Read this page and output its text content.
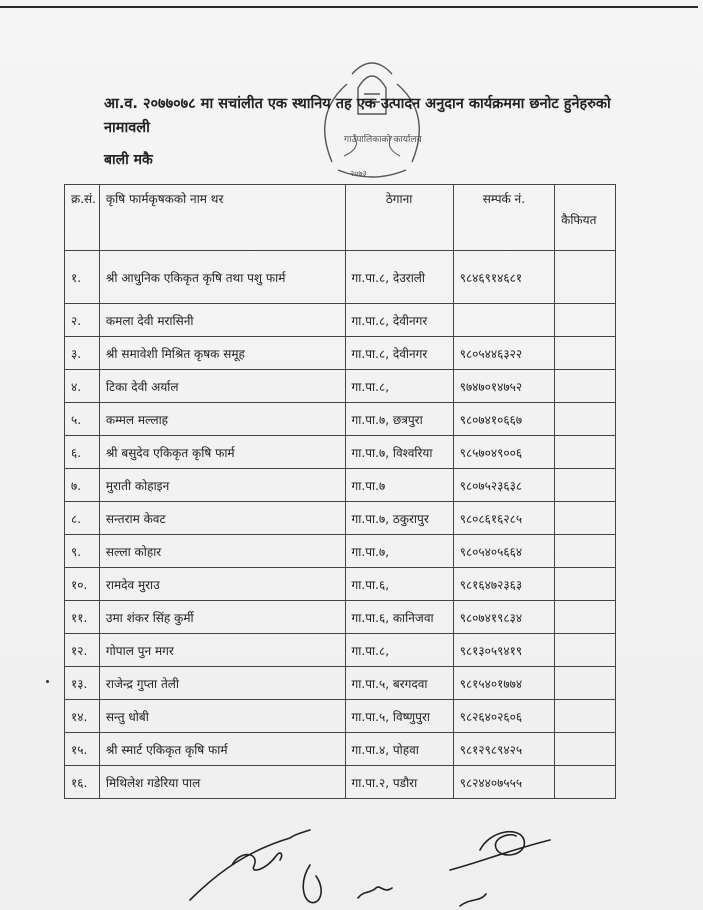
गाउँपालिकाको कार्यालय
२०७३
आ.व. २०७७०७८ मा सचांलीत एक स्थानिय तह एक उत्पादन अनुदान कार्यक्रममा छनोट हुनेहरुको नामावली
बाली मकै
क्र.सं.	कृषि फार्मकृषकको नाम थर	ठेगाना	सम्पर्क नं.	कैफियत
१.	श्री आधुनिक एकिकृत कृषि तथा पशु फार्म	गा.पा.८, देउराली	९८४६९१४६८१	
२.	कमला देवी मरासिनी	गा.पा.८, देवीनगर		
३.	श्री समावेशी मिश्रित कृषक समूह	गा.पा.८, देवीनगर	९८०५४४६३२२	
४.	टिका देवी अर्याल	गा.पा.८,	९७४७०१४७५२	
५.	कम्मल मल्लाह	गा.पा.७, छत्रपुरा	९८०७४१०६६७	
६.	श्री बसुदेव एकिकृत कृषि फार्म	गा.पा.७, विश्वरिया	९८५७०४९००६	
७.	मुराती कोहाइन	गा.पा.७	९८०७५२३६३८	
८.	सन्तराम केवट	गा.पा.७, ठकुरापुर	९८०८६१६२८५	
९.	सल्ला कोहार	गा.पा.७,	९८०५४०५६६४	
१०.	रामदेव मुराउ	गा.पा.६,	९८१६४७२३६३	
११.	उमा शंकर सिंह कुर्मी	गा.पा.६, कानिजवा	९८०७४१९८३४	
१२.	गोपाल पुन मगर	गा.पा.८,	९८१३०५९४१९	
१३.	राजेन्द्र गुप्ता तेली	गा.पा.५, बरगदवा	९८१५४०१७७४	
१४.	सन्तु धोबी	गा.पा.५, विष्णुपुरा	९८२६४०२६०६	
१५.	श्री स्मार्ट एकिकृत कृषि फार्म	गा.पा.४, पोहवा	९८१२९८९४२५	
१६.	मिथिलेश गडेरिया पाल	गा.पा.२, पडौरा	९८२४४०७५५५	
